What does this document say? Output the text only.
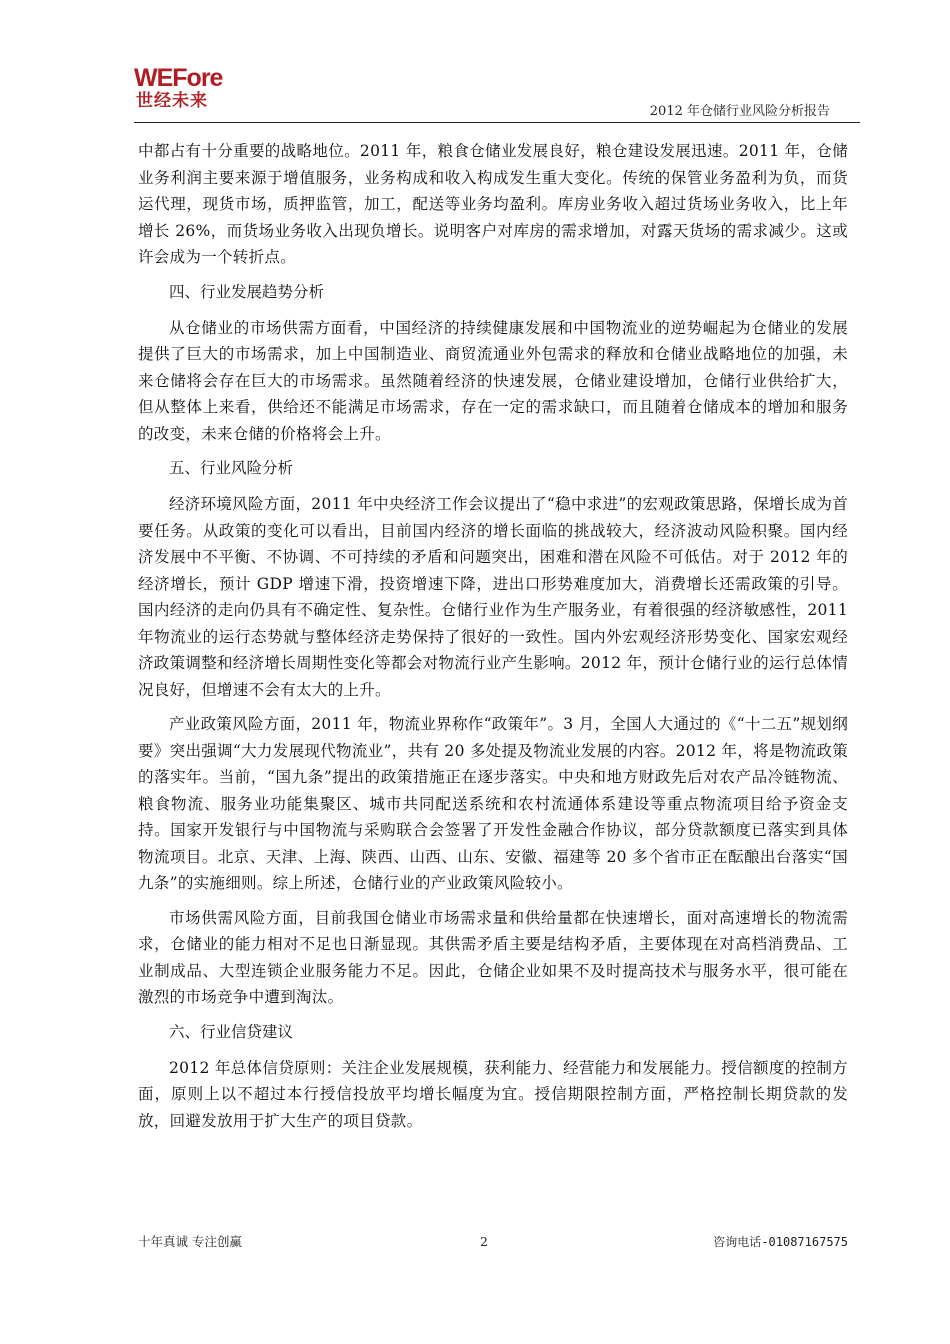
WEFore
世经未来
2012 年仓储行业风险分析报告

中都占有十分重要的战略地位。2011 年，粮食仓储业发展良好，粮仓建设发展迅速。2011 年，仓储业务利润主要来源于增值服务，业务构成和收入构成发生重大变化。传统的保管业务盈利为负，而货运代理，现货市场，质押监管，加工，配送等业务均盈利。库房业务收入超过货场业务收入，比上年增长 26%，而货场业务收入出现负增长。说明客户对库房的需求增加，对露天货场的需求减少。这或许会成为一个转折点。

四、行业发展趋势分析

从仓储业的市场供需方面看，中国经济的持续健康发展和中国物流业的逆势崛起为仓储业的发展提供了巨大的市场需求，加上中国制造业、商贸流通业外包需求的释放和仓储业战略地位的加强，未来仓储将会存在巨大的市场需求。虽然随着经济的快速发展，仓储业建设增加，仓储行业供给扩大，但从整体上来看，供给还不能满足市场需求，存在一定的需求缺口，而且随着仓储成本的增加和服务的改变，未来仓储的价格将会上升。

五、行业风险分析

经济环境风险方面，2011 年中央经济工作会议提出了“稳中求进”的宏观政策思路，保增长成为首要任务。从政策的变化可以看出，目前国内经济的增长面临的挑战较大，经济波动风险积聚。国内经济发展中不平衡、不协调、不可持续的矛盾和问题突出，困难和潜在风险不可低估。对于 2012 年的经济增长，预计 GDP 增速下滑，投资增速下降，进出口形势难度加大，消费增长还需政策的引导。国内经济的走向仍具有不确定性、复杂性。仓储行业作为生产服务业，有着很强的经济敏感性，2011 年物流业的运行态势就与整体经济走势保持了很好的一致性。国内外宏观经济形势变化、国家宏观经济政策调整和经济增长周期性变化等都会对物流行业产生影响。2012 年，预计仓储行业的运行总体情况良好，但增速不会有太大的上升。

产业政策风险方面，2011 年，物流业界称作“政策年”。3 月，全国人大通过的《“十二五”规划纲要》突出强调“大力发展现代物流业”，共有 20 多处提及物流业发展的内容。2012 年，将是物流政策的落实年。当前，“国九条”提出的政策措施正在逐步落实。中央和地方财政先后对农产品冷链物流、粮食物流、服务业功能集聚区、城市共同配送系统和农村流通体系建设等重点物流项目给予资金支持。国家开发银行与中国物流与采购联合会签署了开发性金融合作协议，部分贷款额度已落实到具体物流项目。北京、天津、上海、陕西、山西、山东、安徽、福建等 20 多个省市正在酝酿出台落实“国九条”的实施细则。综上所述，仓储行业的产业政策风险较小。

市场供需风险方面，目前我国仓储业市场需求量和供给量都在快速增长，面对高速增长的物流需求，仓储业的能力相对不足也日渐显现。其供需矛盾主要是结构矛盾，主要体现在对高档消费品、工业制成品、大型连锁企业服务能力不足。因此，仓储企业如果不及时提高技术与服务水平，很可能在激烈的市场竞争中遭到淘汰。

六、行业信贷建议

2012 年总体信贷原则：关注企业发展规模，获利能力、经营能力和发展能力。授信额度的控制方面，原则上以不超过本行授信投放平均增长幅度为宜。授信期限控制方面，严格控制长期贷款的发放，回避发放用于扩大生产的项目贷款。

十年真诚 专注创赢	2	咨询电话-01087167575
